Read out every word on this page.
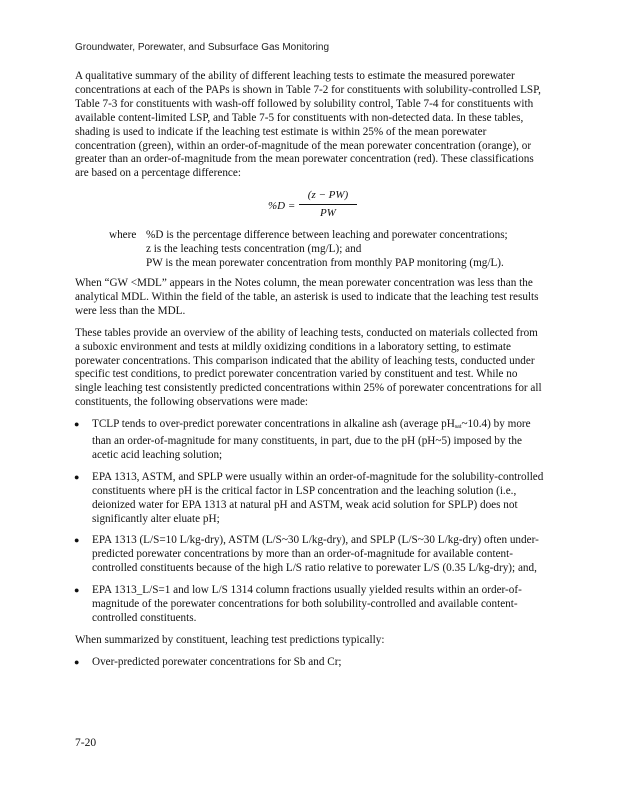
Groundwater, Porewater, and Subsurface Gas Monitoring

A qualitative summary of the ability of different leaching tests to estimate the measured porewater concentrations at each of the PAPs is shown in Table 7-2 for constituents with solubility-controlled LSP, Table 7-3 for constituents with wash-off followed by solubility control, Table 7-4 for constituents with available content-limited LSP, and Table 7-5 for constituents with non-detected data. In these tables, shading is used to indicate if the leaching test estimate is within 25% of the mean porewater concentration (green), within an order-of-magnitude of the mean porewater concentration (orange), or greater than an order-of-magnitude from the mean porewater concentration (red). These classifications are based on a percentage difference:

%D =
(z − PW)
PW
where %D is the percentage difference between leaching and porewater concentrations;
z is the leaching tests concentration (mg/L); and
PW is the mean porewater concentration from monthly PAP monitoring (mg/L).

When “GW <MDL” appears in the Notes column, the mean porewater concentration was less than the analytical MDL. Within the field of the table, an asterisk is used to indicate that the leaching test results were less than the MDL.

These tables provide an overview of the ability of leaching tests, conducted on materials collected from a suboxic environment and tests at mildly oxidizing conditions in a laboratory setting, to estimate porewater concentrations. This comparison indicated that the ability of leaching tests, conducted under specific test conditions, to predict porewater concentration varied by constituent and test. While no single leaching test consistently predicted concentrations within 25% of porewater concentrations for all constituents, the following observations were made:

● TCLP tends to over-predict porewater concentrations in alkaline ash (average pHsat~10.4) by more than an order-of-magnitude for many constituents, in part, due to the pH (pH~5) imposed by the acetic acid leaching solution;
● EPA 1313, ASTM, and SPLP were usually within an order-of-magnitude for the solubility-controlled constituents where pH is the critical factor in LSP concentration and the leaching solution (i.e., deionized water for EPA 1313 at natural pH and ASTM, weak acid solution for SPLP) does not significantly alter eluate pH;
● EPA 1313 (L/S=10 L/kg-dry), ASTM (L/S~30 L/kg-dry), and SPLP (L/S~30 L/kg-dry) often under-predicted porewater concentrations by more than an order-of-magnitude for available content-controlled constituents because of the high L/S ratio relative to porewater L/S (0.35 L/kg-dry); and,
● EPA 1313_L/S=1 and low L/S 1314 column fractions usually yielded results within an order-of-magnitude of the porewater concentrations for both solubility-controlled and available content-controlled constituents.

When summarized by constituent, leaching test predictions typically:

● Over-predicted porewater concentrations for Sb and Cr;
7-20
